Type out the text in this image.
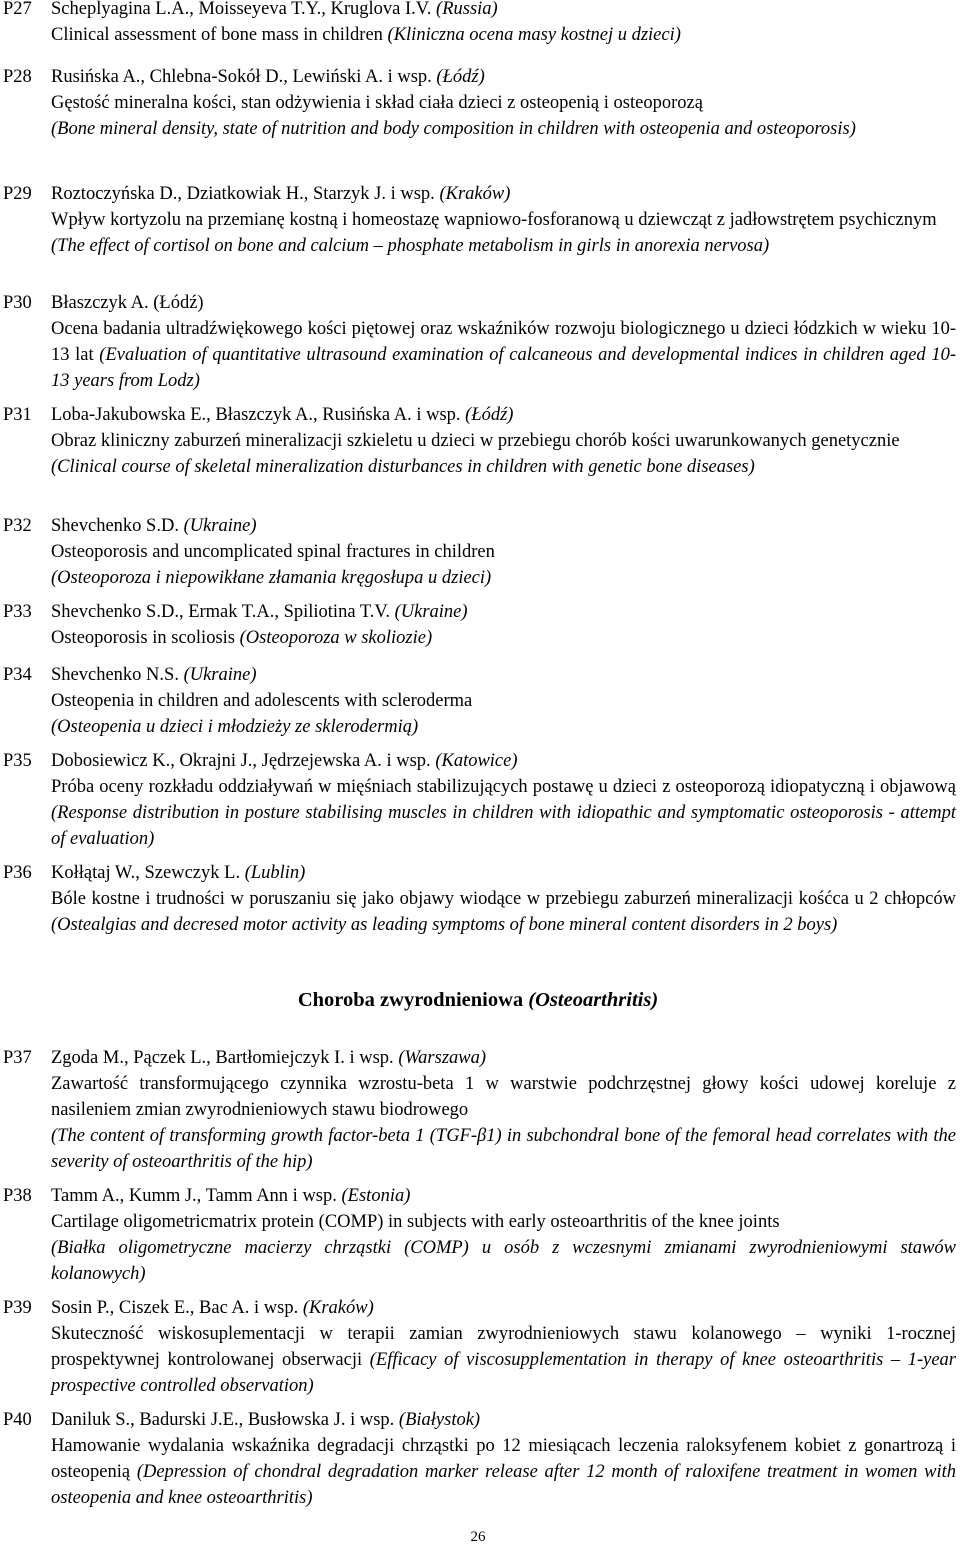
P27 Scheplyagina L.A., Moisseyeva T.Y., Kruglova I.V. (Russia)

Clinical assessment of bone mass in children (Kliniczna ocena masy kostnej u dzieci)

P28 Rusińska A., Chlebna-Sokół D., Lewiński A. i wsp. (Łódź)

Gęstość mineralna kości, stan odżywienia i skład ciała dzieci z osteopenią i osteoporozą

(Bone mineral density, state of nutrition and body composition in children with osteopenia and osteoporosis)

P29 Roztoczyńska D., Dziatkowiak H., Starzyk J. i wsp. (Kraków)

Wpływ kortyzolu na przemianę kostną i homeostazę wapniowo-fosforanową u dziewcząt z jadłowstrętem psychicznym

(The effect of cortisol on bone and calcium – phosphate metabolism in girls in anorexia nervosa)

P30 Błaszczyk A. (Łódź)

Ocena badania ultradźwiękowego kości piętowej oraz wskaźników rozwoju biologicznego u dzieci łódzkich w wieku 10-13 lat (Evaluation of quantitative ultrasound examination of calcaneous and developmental indices in children aged 10-13 years from Lodz)

P31 Loba-Jakubowska E., Błaszczyk A., Rusińska A. i wsp. (Łódź)

Obraz kliniczny zaburzeń mineralizacji szkieletu u dzieci w przebiegu chorób kości uwarunkowanych genetycznie

(Clinical course of skeletal mineralization disturbances in children with genetic bone diseases)

P32 Shevchenko S.D. (Ukraine)

Osteoporosis and uncomplicated spinal fractures in children

(Osteoporoza i niepowikłane złamania kręgosłupa u dzieci)

P33 Shevchenko S.D., Ermak T.A., Spiliotina T.V. (Ukraine)

Osteoporosis in scoliosis (Osteoporoza w skoliozie)

P34 Shevchenko N.S. (Ukraine)

Osteopenia in children and adolescents with scleroderma

(Osteopenia u dzieci i młodzieży ze sklerodermią)

P35 Dobosiewicz K., Okrajni J., Jędrzejewska A. i wsp. (Katowice)

Próba oceny rozkładu oddziaływań w mięśniach stabilizujących postawę u dzieci z osteoporozą idiopatyczną i objawową (Response distribution in posture stabilising muscles in children with idiopathic and symptomatic osteoporosis - attempt of evaluation)

P36 Kołłątaj W., Szewczyk L. (Lublin)

Bóle kostne i trudności w poruszaniu się jako objawy wiodące w przebiegu zaburzeń mineralizacji kośćca u 2 chłopców (Ostealgias and decresed motor activity as leading symptoms of bone mineral content disorders in 2 boys)

Choroba zwyrodnieniowa (Osteoarthritis)
P37 Zgoda M., Pączek L., Bartłomiejczyk I. i wsp. (Warszawa)

Zawartość transformującego czynnika wzrostu-beta 1 w warstwie podchrzęstnej głowy kości udowej koreluje z nasileniem zmian zwyrodnieniowych stawu biodrowego

(The content of transforming growth factor-beta 1 (TGF-β1) in subchondral bone of the femoral head correlates with the severity of osteoarthritis of the hip)

P38 Tamm A., Kumm J., Tamm Ann i wsp. (Estonia)

Cartilage oligometricmatrix protein (COMP) in subjects with early osteoarthritis of the knee joints

(Białka oligometryczne macierzy chrząstki (COMP) u osób z wczesnymi zmianami zwyrodnieniowymi stawów kolanowych)

P39 Sosin P., Ciszek E., Bac A. i wsp. (Kraków)

Skuteczność wiskosuplementacji w terapii zamian zwyrodnieniowych stawu kolanowego – wyniki 1-rocznej prospektywnej kontrolowanej obserwacji (Efficacy of viscosupplementation in therapy of knee osteoarthritis – 1-year prospective controlled observation)

P40 Daniluk S., Badurski J.E., Busłowska J. i wsp. (Białystok)

Hamowanie wydalania wskaźnika degradacji chrząstki po 12 miesiącach leczenia raloksyfenem kobiet z gonartrozą i osteopenią (Depression of chondral degradation marker release after 12 month of raloxifene treatment in women with osteopenia and knee osteoarthritis)

26
